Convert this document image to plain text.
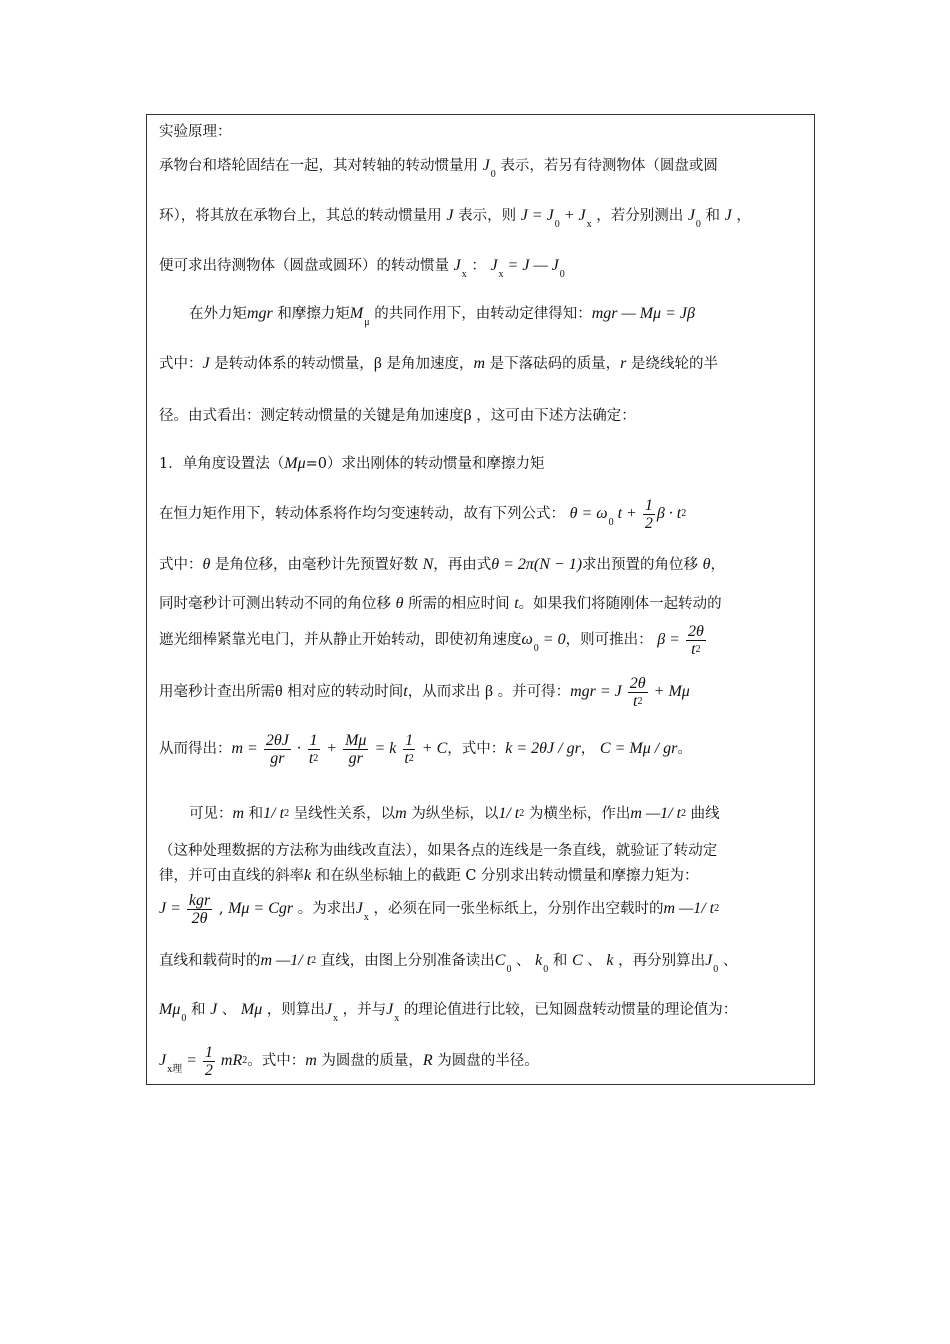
实验原理：
承物台和塔轮固结在一起，其对转轴的转动惯量用 $J_0$ 表示，若另有待测物体（圆盘或圆
环），将其放在承物台上，其总的转动惯量用 J 表示，则 $J = J_0 + J_x$ ，若分别测出 $J_0$ 和 J ，
便可求出待测物体（圆盘或圆环）的转动惯量 $J_x$ ： $J_x = J$ — $J_0$
在外力矩mgr 和摩擦力矩$M_\mu$ 的共同作用下，由转动定律得知：mgr — Mμ = Jβ
式中：J 是转动体系的转动惯量，β 是角加速度，m 是下落砝码的质量，r 是绕线轮的半
径。由式看出：测定转动惯量的关键是角加速度β ，这可由下述方法确定：
1．单角度设置法（Mμ=0）求出刚体的转动惯量和摩擦力矩
在恒力矩作用下，转动体系将作均匀变速转动，故有下列公式： $\theta = \omega_0$ $t + \frac{1}{2}$ $\beta \cdot t^2$
式中：θ 是角位移，由毫秒计先预置好数 N，再由式θ = 2π(N − 1)求出预置的角位移 θ，
同时毫秒计可测出转动不同的角位移 θ 所需的相应时间 t。如果我们将随刚体一起转动的
遮光细棒紧靠光电门，并从静止开始转动，即使初角速度$\omega_0 = 0$，则可推出： $\beta = \frac{2\theta}{t^2}$
用毫秒计查出所需θ 相对应的转动时间t，从而求出 β 。并可得：mgr = J $\frac{2\theta}{t^2} + M\mu$
从而得出：$m = \frac{2\theta J}{gr} \cdot \frac{1}{t^2} + \frac{M\mu}{gr} = k \frac{1}{t^2} + C$，式中：k = 2θJ / gr， C = Mμ / gr。
可见：m 和1/ $t^2$ 呈线性关系，以m 为纵坐标，以1/ $t^2$ 为横坐标，作出m —1/ $t^2$ 曲线
（这种处理数据的方法称为曲线改直法），如果各点的连线是一条直线，就验证了转动定
律，并可由直线的斜率k 和在纵坐标轴上的截距 C 分别求出转动惯量和摩擦力矩为：
$J = \frac{\text{kgr}}{2\theta}$ , Mμ = Cgr 。为求出$J_x$ ，必须在同一张坐标纸上，分别作出空载时的m —1/ $t^2$
直线和载荷时的m —1/ $t^2$ 直线，由图上分别准备读出$C_0$ 、 $k_0$ 和 C 、 k ，再分别算出$J_0$ 、
$M\mu_0$ 和 J 、 Mμ ，则算出$J_x$ ，并与$J_x$ 的理论值进行比较，已知圆盘转动惯量的理论值为：
$J_{x理} = \frac{1}{2} mR^2$。式中：m 为圆盘的质量，R 为圆盘的半径。
